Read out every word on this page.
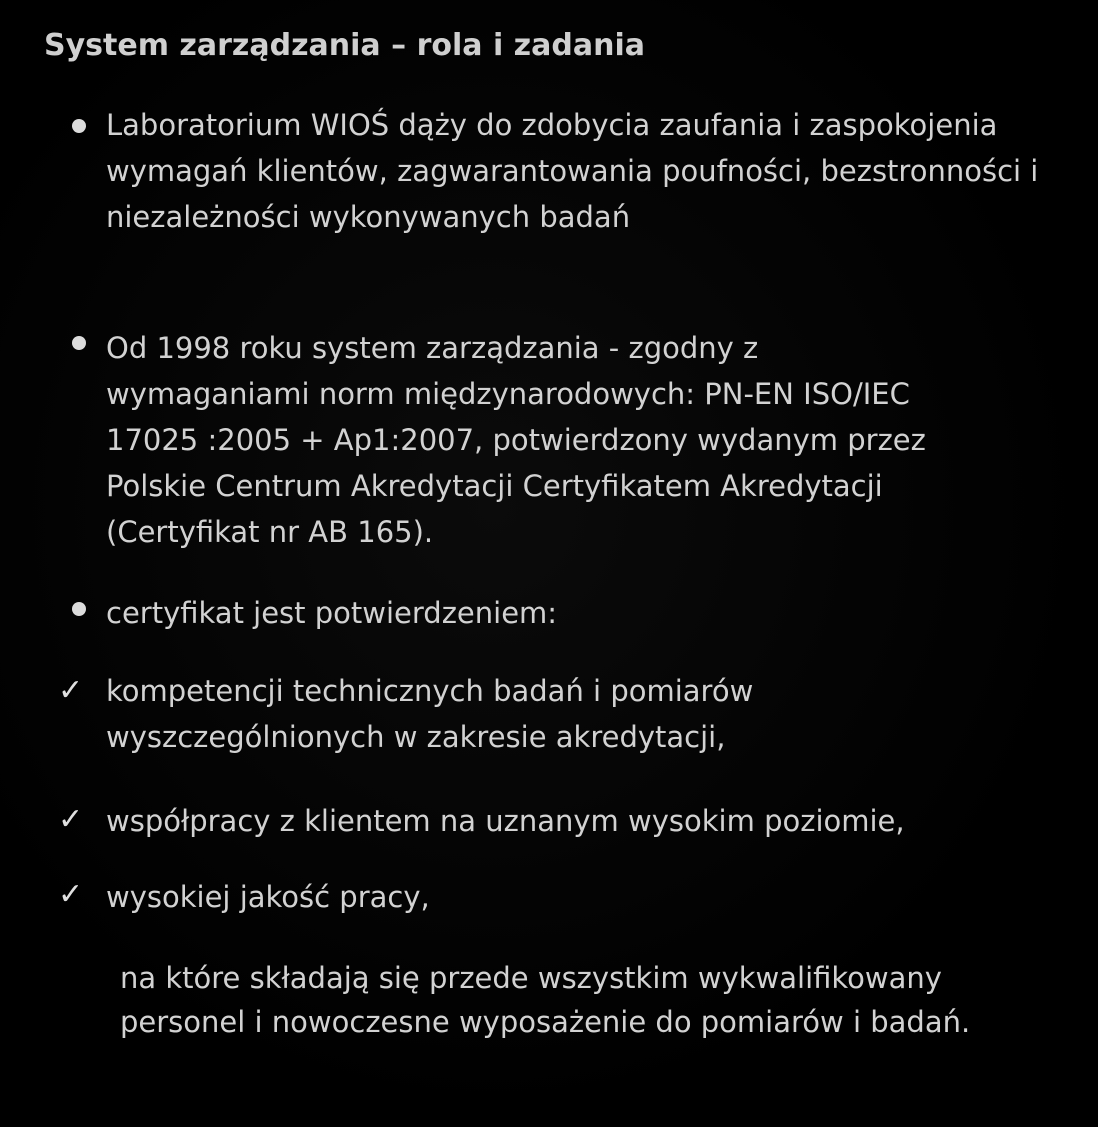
System zarządzania – rola i zadania
Laboratorium WIOŚ dąży do zdobycia zaufania i zaspokojenia wymagań klientów, zagwarantowania poufności, bezstronności i niezależności wykonywanych badań
Od 1998 roku system zarządzania - zgodny z wymaganiami norm międzynarodowych: PN-EN ISO/IEC 17025 :2005 + Ap1:2007, potwierdzony wydanym przez Polskie Centrum Akredytacji Certyfikatem Akredytacji (Certyfikat nr AB 165).
certyfikat jest potwierdzeniem:
✓ kompetencji technicznych badań i pomiarów wyszczególnionych w zakresie akredytacji,
✓ współpracy z klientem na uznanym wysokim poziomie,
✓ wysokiej jakość pracy,
na które składają się przede wszystkim wykwalifikowany personel i nowoczesne wyposażenie do pomiarów i badań.
